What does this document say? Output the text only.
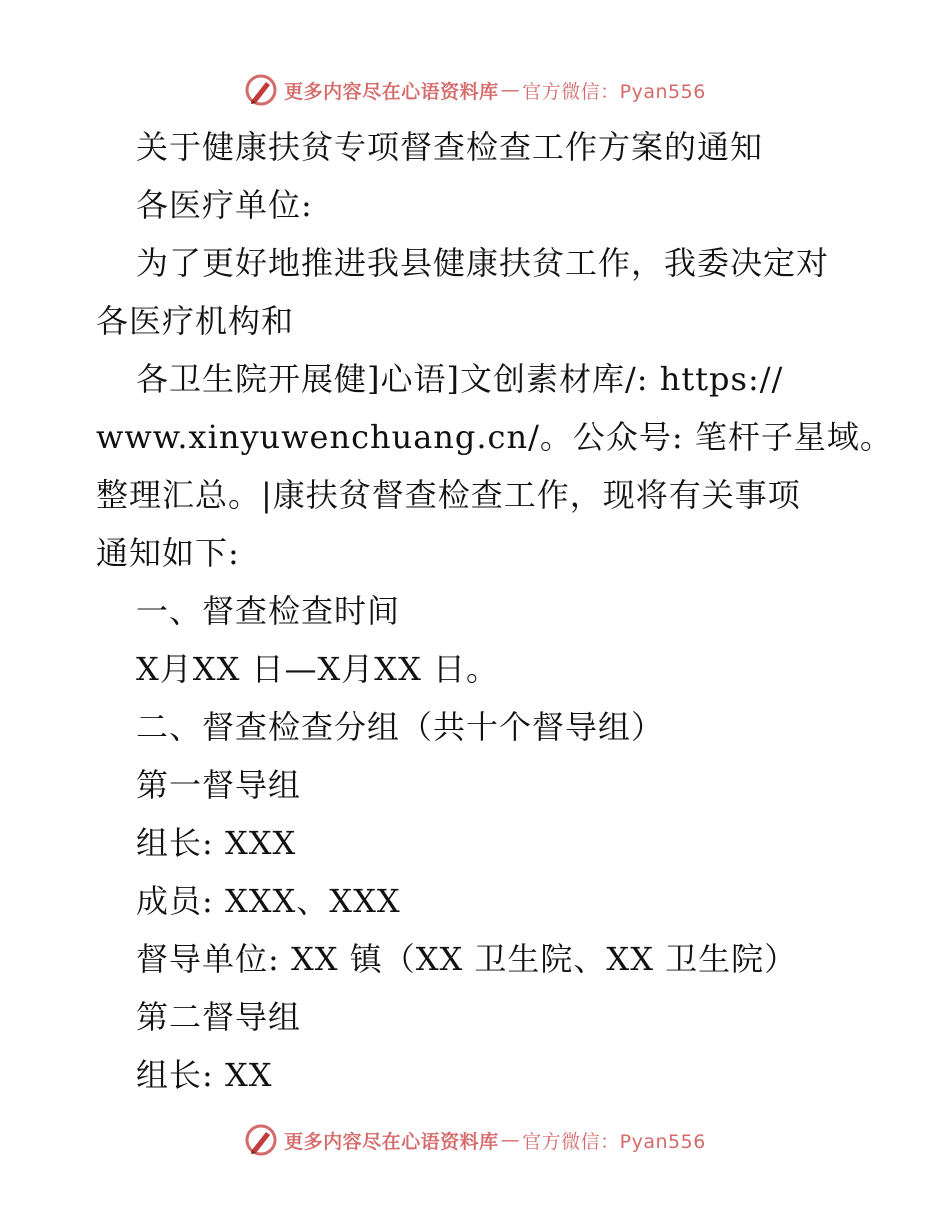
更多内容尽在心语资料库 — 官方微信：Pyan556
关于健康扶贫专项督查检查工作方案的通知
各医疗单位:
为了更好地推进我县健康扶贫工作，我委决定对
各医疗机构和
各卫生院开展健]心语]文创素材库/: https://
www.xinyuwenchuang.cn/。公众号: 笔杆子星域。
整理汇总。|康扶贫督查检查工作，现将有关事项
通知如下:
一、督查检查时间
X月XX 日—X月XX 日。
二、督查检查分组（共十个督导组）
第一督导组
组长: XXX
成员: XXX、XXX
督导单位: XX 镇（XX 卫生院、XX 卫生院）
第二督导组
组长: XX
更多内容尽在心语资料库 — 官方微信：Pyan556
